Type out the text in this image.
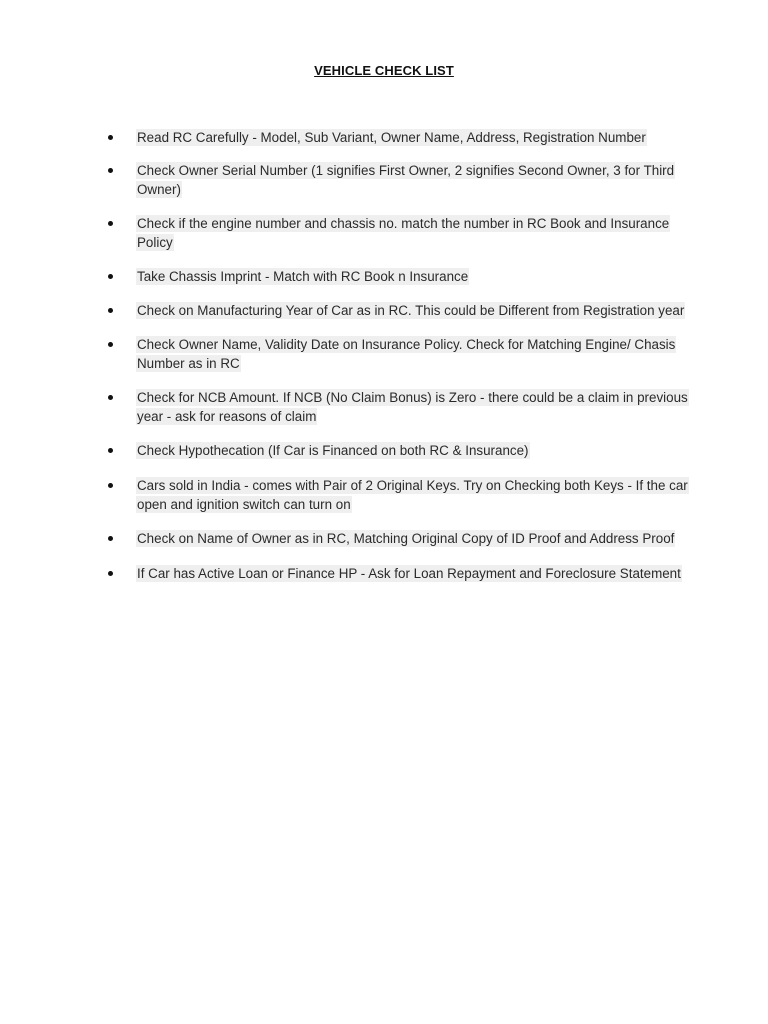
VEHICLE CHECK LIST
Read RC Carefully - Model, Sub Variant, Owner Name, Address, Registration Number
Check Owner Serial Number (1 signifies First Owner, 2 signifies Second Owner, 3 for Third Owner)
Check if the engine number and chassis no. match the number in RC Book and Insurance Policy
Take Chassis Imprint - Match with RC Book n Insurance
Check on Manufacturing Year of Car as in RC. This could be Different from Registration year
Check Owner Name, Validity Date on Insurance Policy. Check for Matching Engine/ Chasis Number as in RC
Check for NCB Amount. If NCB (No Claim Bonus) is Zero - there could be a claim in previous year - ask for reasons of claim
Check Hypothecation (If Car is Financed on both RC & Insurance)
Cars sold in India - comes with Pair of 2 Original Keys. Try on Checking both Keys - If the car open and ignition switch can turn on
Check on Name of Owner as in RC, Matching Original Copy of ID Proof and Address Proof
If Car has Active Loan or Finance HP - Ask for Loan Repayment and Foreclosure Statement
